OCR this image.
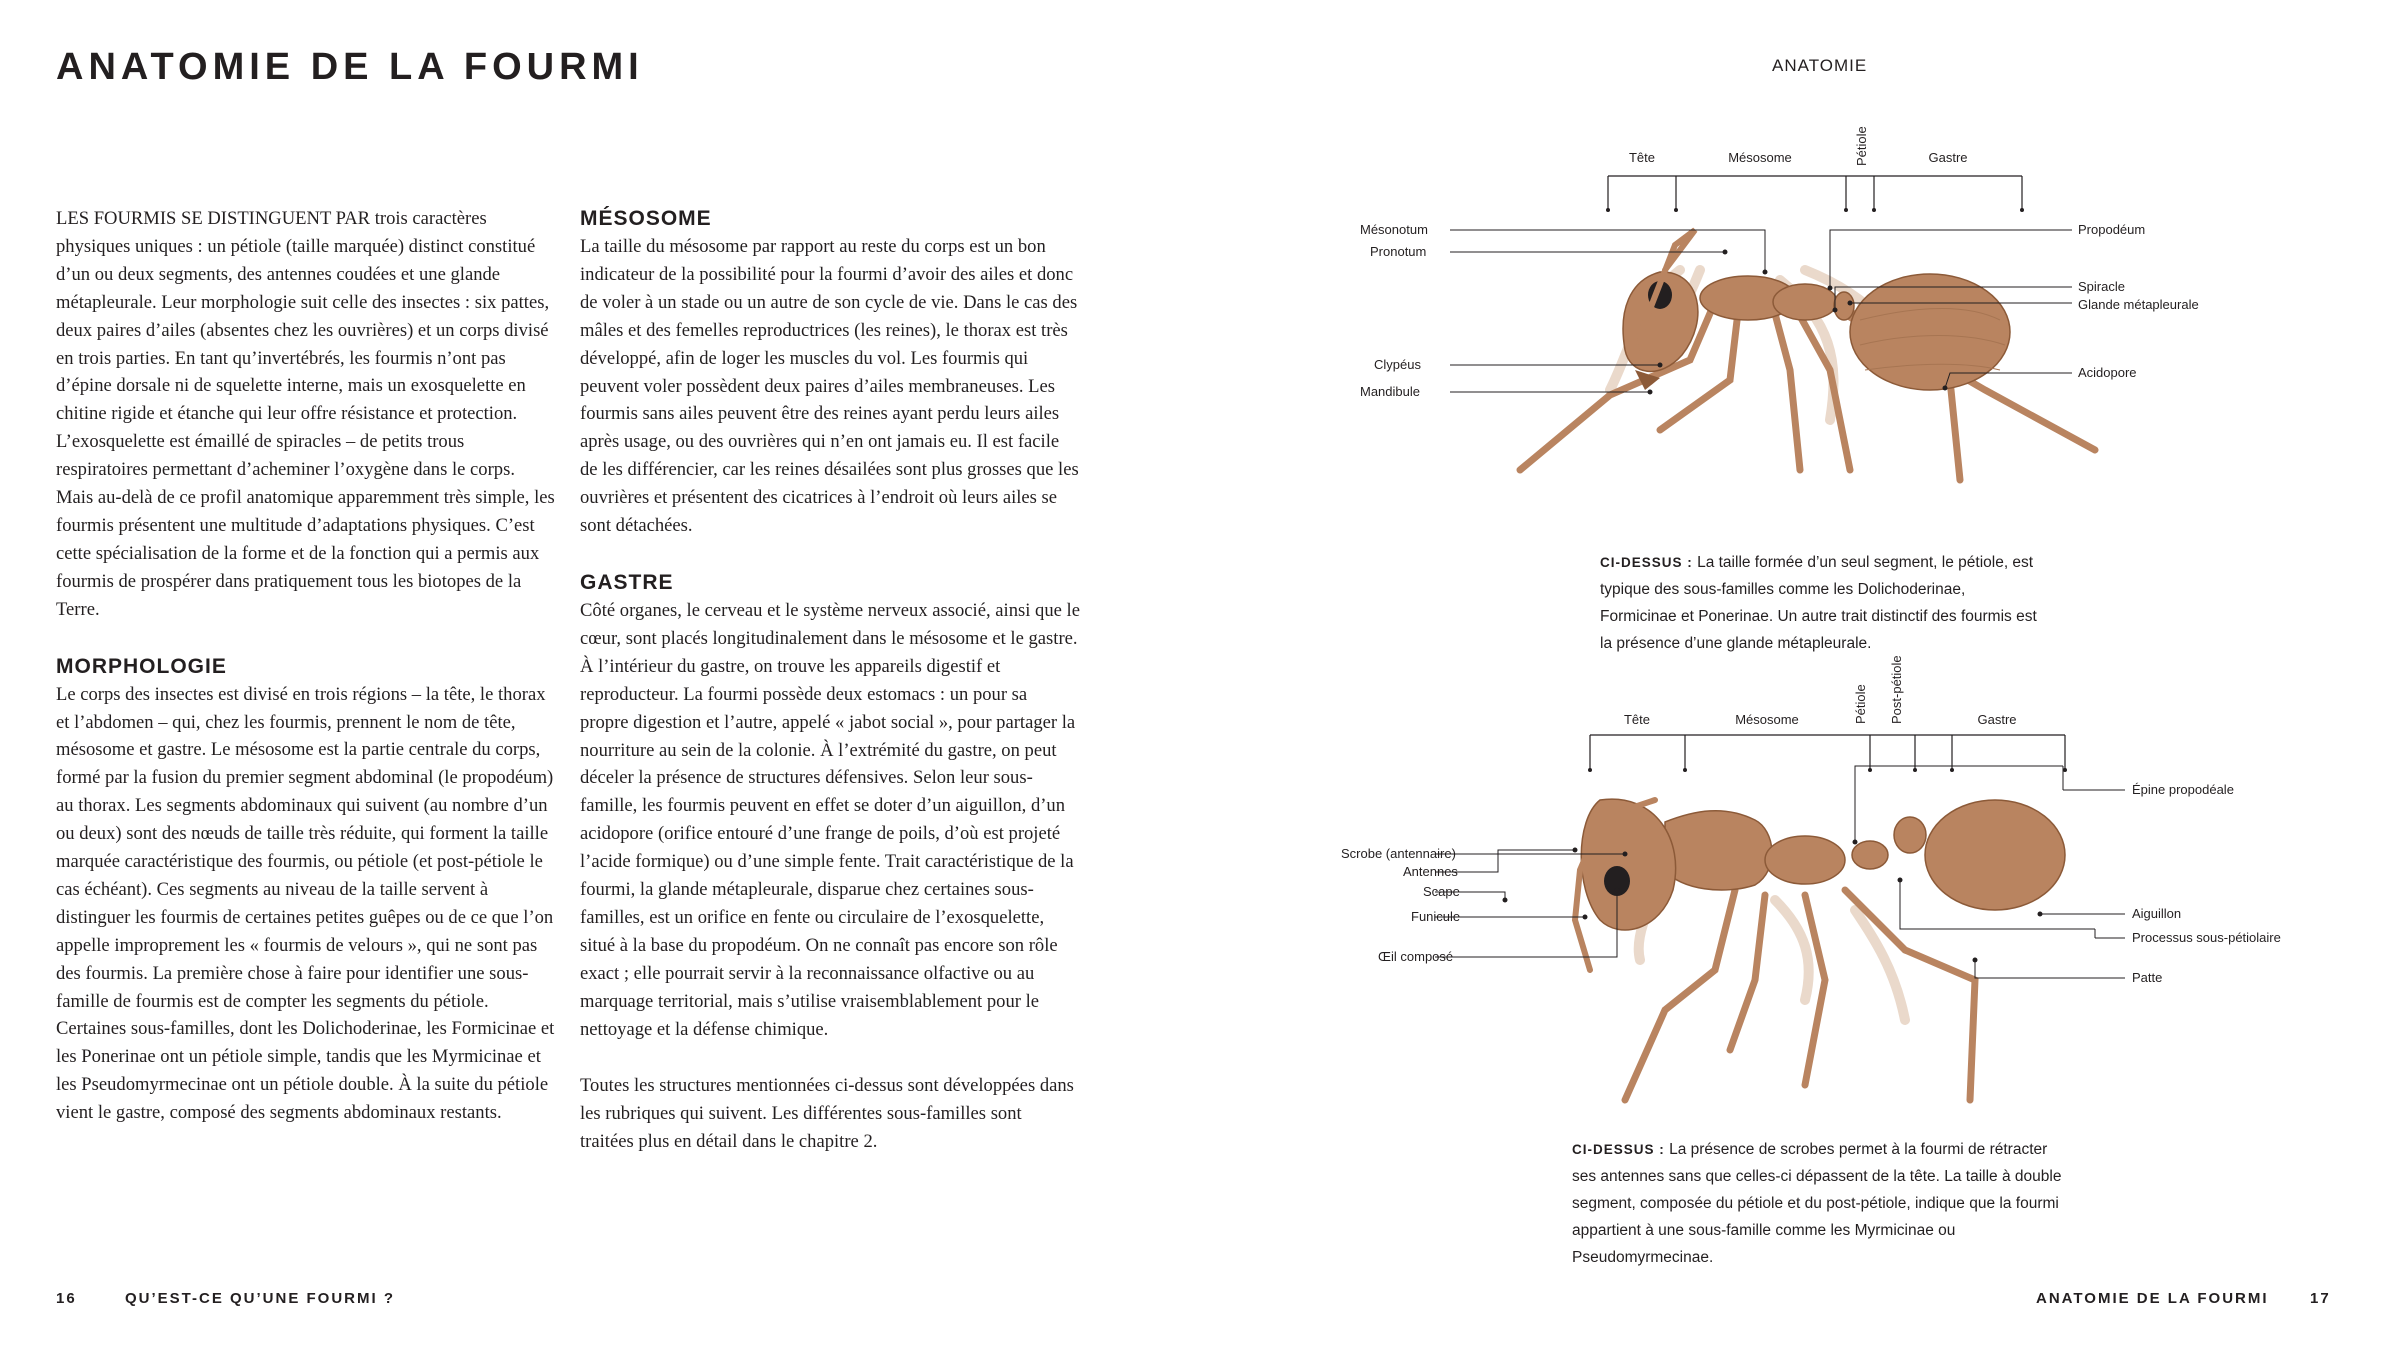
ANATOMIE DE LA FOURMI

LES FOURMIS SE DISTINGUENT PAR trois caractères physiques uniques : un pétiole (taille marquée) distinct constitué d’un ou deux segments, des antennes coudées et une glande métapleurale. Leur morphologie suit celle des insectes : six pattes, deux paires d’ailes (absentes chez les ouvrières) et un corps divisé en trois parties. En tant qu’invertébrés, les fourmis n’ont pas d’épine dorsale ni de squelette interne, mais un exosquelette en chitine rigide et étanche qui leur offre résistance et protection. L’exosquelette est émaillé de spiracles – de petits trous respiratoires permettant d’acheminer l’oxygène dans le corps. Mais au-delà de ce profil anatomique apparemment très simple, les fourmis présentent une multitude d’adaptations physiques. C’est cette spécialisation de la forme et de la fonction qui a permis aux fourmis de prospérer dans pratiquement tous les biotopes de la Terre.

MORPHOLOGIE

Le corps des insectes est divisé en trois régions – la tête, le thorax et l’abdomen – qui, chez les fourmis, prennent le nom de tête, mésosome et gastre. Le mésosome est la partie centrale du corps, formé par la fusion du premier segment abdominal (le propodéum) au thorax. Les segments abdominaux qui suivent (au nombre d’un ou deux) sont des nœuds de taille très réduite, qui forment la taille marquée caractéristique des fourmis, ou pétiole (et post-pétiole le cas échéant). Ces segments au niveau de la taille servent à distinguer les fourmis de certaines petites guêpes ou de ce que l’on appelle improprement les « fourmis de velours », qui ne sont pas des fourmis. La première chose à faire pour identifier une sous-famille de fourmis est de compter les segments du pétiole. Certaines sous-familles, dont les Dolichoderinae, les Formicinae et les Ponerinae ont un pétiole simple, tandis que les Myrmicinae et les Pseudomyrmecinae ont un pétiole double. À la suite du pétiole vient le gastre, composé des segments abdominaux restants.

MÉSOSOME

La taille du mésosome par rapport au reste du corps est un bon indicateur de la possibilité pour la fourmi d’avoir des ailes et donc de voler à un stade ou un autre de son cycle de vie. Dans le cas des mâles et des femelles reproductrices (les reines), le thorax est très développé, afin de loger les muscles du vol. Les fourmis qui peuvent voler possèdent deux paires d’ailes membraneuses. Les fourmis sans ailes peuvent être des reines ayant perdu leurs ailes après usage, ou des ouvrières qui n’en ont jamais eu. Il est facile de les différencier, car les reines désailées sont plus grosses que les ouvrières et présentent des cicatrices à l’endroit où leurs ailes se sont détachées.

GASTRE

Côté organes, le cerveau et le système nerveux associé, ainsi que le cœur, sont placés longitudinalement dans le mésosome et le gastre. À l’intérieur du gastre, on trouve les appareils digestif et reproducteur. La fourmi possède deux estomacs : un pour sa propre digestion et l’autre, appelé « jabot social », pour partager la nourriture au sein de la colonie. À l’extrémité du gastre, on peut déceler la présence de structures défensives. Selon leur sous-famille, les fourmis peuvent en effet se doter d’un aiguillon, d’un acidopore (orifice entouré d’une frange de poils, d’où est projeté l’acide formique) ou d’une simple fente. Trait caractéristique de la fourmi, la glande métapleurale, disparue chez certaines sous-familles, est un orifice en fente ou circulaire de l’exosquelette, situé à la base du propodéum. On ne connaît pas encore son rôle exact ; elle pourrait servir à la reconnaissance olfactive ou au marquage territorial, mais s’utilise vraisemblablement pour le nettoyage et la défense chimique.

Toutes les structures mentionnées ci-dessus sont développées dans les rubriques qui suivent. Les différentes sous-familles sont traitées plus en détail dans le chapitre 2.

ANATOMIE
Tête	Mésosome	Pétiole	Gastre
Mésonotum
Pronotum
Clypéus
Mandibule
Propodéum
Spiracle
Glande métapleurale
Acidopore
CI-DESSUS : La taille formée d’un seul segment, le pétiole, est typique des sous-familles comme les Dolichoderinae, Formicinae et Ponerinae. Un autre trait distinctif des fourmis est la présence d’une glande métapleurale.
Tête	Mésosome	Pétiole Post-pétiole	Gastre
Scrobe (antennaire)
Antennes
Scape
Funicule
Œil composé
Épine propodéale
Aiguillon
Processus sous-pétiolaire
Patte
CI-DESSUS : La présence de scrobes permet à la fourmi de rétracter ses antennes sans que celles-ci dépassent de la tête. La taille à double segment, composée du pétiole et du post-pétiole, indique que la fourmi appartient à une sous-famille comme les Myrmicinae ou Pseudomyrmecinae.
16	QU’EST-CE QU’UNE FOURMI ?	ANATOMIE DE LA FOURMI	17
